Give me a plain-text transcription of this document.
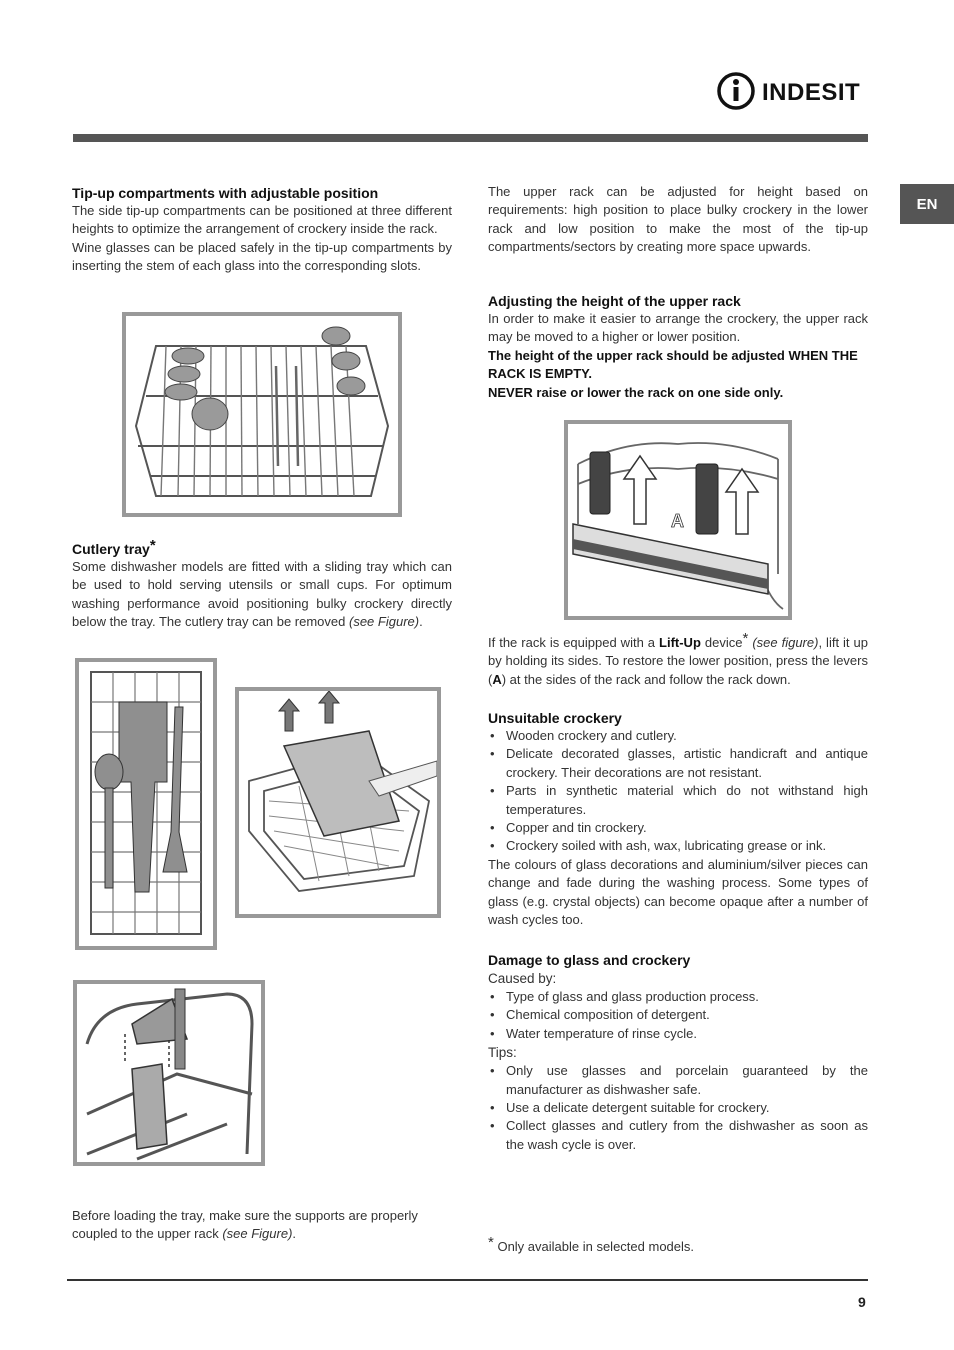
INDESIT
EN
Tip-up compartments with adjustable position

The side tip-up compartments can be positioned at three different heights to optimize the arrangement of crockery inside the rack.

Wine glasses can be placed safely in the tip-up compartments by inserting the stem of each glass into the corresponding slots.

Cutlery tray*

Some dishwasher models are fitted with a sliding tray which can be used to hold serving utensils or small cups. For optimum washing performance avoid positioning bulky crockery directly below the tray. The cutlery tray can be removed (see Figure).

Before loading the tray, make sure the supports are properly coupled to the upper rack (see Figure).

The upper rack can be adjusted for height based on requirements: high position to place bulky crockery in the lower rack and low position to make the most of the tip-up compartments/sectors by creating more space upwards.

Adjusting the height of the upper rack

In order to make it easier to arrange the crockery, the upper rack may be moved to a higher or lower position.

The height of the upper rack should be adjusted WHEN THE RACK IS EMPTY.

NEVER raise or lower the rack on one side only.

A

If the rack is equipped with a Lift-Up device* (see figure), lift it up by holding its sides. To restore the lower position, press the levers (A) at the sides of the rack and follow the rack down.

Unsuitable crockery
• Wooden crockery and cutlery.
• Delicate decorated glasses, artistic handicraft and antique crockery. Their decorations are not resistant.
• Parts in synthetic material which do not withstand high temperatures.
• Copper and tin crockery.
• Crockery soiled with ash, wax, lubricating grease or ink.

The colours of glass decorations and aluminium/silver pieces can change and fade during the washing process. Some types of glass (e.g. crystal objects) can become opaque after a number of wash cycles too.

Damage to glass and crockery
Caused by:
• Type of glass and glass production process.
• Chemical composition of detergent.
• Water temperature of rinse cycle.
Tips:
• Only use glasses and porcelain guaranteed by the manufacturer as dishwasher safe.
• Use a delicate detergent suitable for crockery.
• Collect glasses and cutlery from the dishwasher as soon as the wash cycle is over.

* Only available in selected models.

9
